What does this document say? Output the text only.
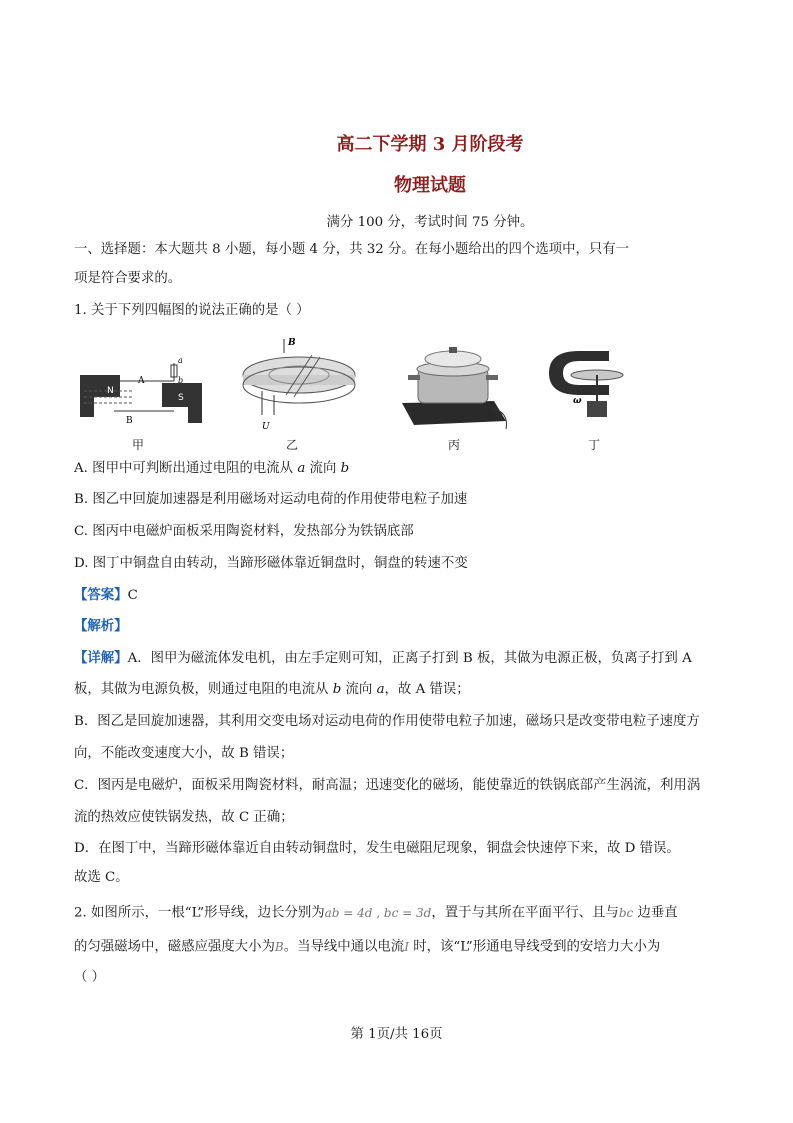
高二下学期 3 月阶段考
物理试题
满分 100 分，考试时间 75 分钟。
一、选择题：本大题共 8 小题，每小题 4 分，共 32 分。在每小题给出的四个选项中，只有一
项是符合要求的。
1. 关于下列四幅图的说法正确的是（ ）
N
S
A
B
a
b
甲
B
U
乙	丙
ω
丁
A. 图甲中可判断出通过电阻的电流从 a 流向 b
B. 图乙中回旋加速器是利用磁场对运动电荷的作用使带电粒子加速
C. 图丙中电磁炉面板采用陶瓷材料，发热部分为铁锅底部
D. 图丁中铜盘自由转动，当蹄形磁体靠近铜盘时，铜盘的转速不变
【答案】C
【解析】
【详解】A．图甲为磁流体发电机，由左手定则可知，正离子打到 B 板，其做为电源正极，负离子打到 A
板，其做为电源负极，则通过电阻的电流从 b 流向 a，故 A 错误；
B．图乙是回旋加速器，其利用交变电场对运动电荷的作用使带电粒子加速，磁场只是改变带电粒子速度方
向，不能改变速度大小，故 B 错误；
C．图丙是电磁炉，面板采用陶瓷材料，耐高温；迅速变化的磁场，能使靠近的铁锅底部产生涡流，利用涡
流的热效应使铁锅发热，故 C 正确；
D．在图丁中，当蹄形磁体靠近自由转动铜盘时，发生电磁阻尼现象，铜盘会快速停下来，故 D 错误。
故选 C。
2. 如图所示，一根“L”形导线，边长分别为ab = 4d , bc = 3d，置于与其所在平面平行、且与bc 边垂直
的匀强磁场中，磁感应强度大小为B。当导线中通以电流I 时，该“L”形通电导线受到的安培力大小为
（ ）
第 1页/共 16页
